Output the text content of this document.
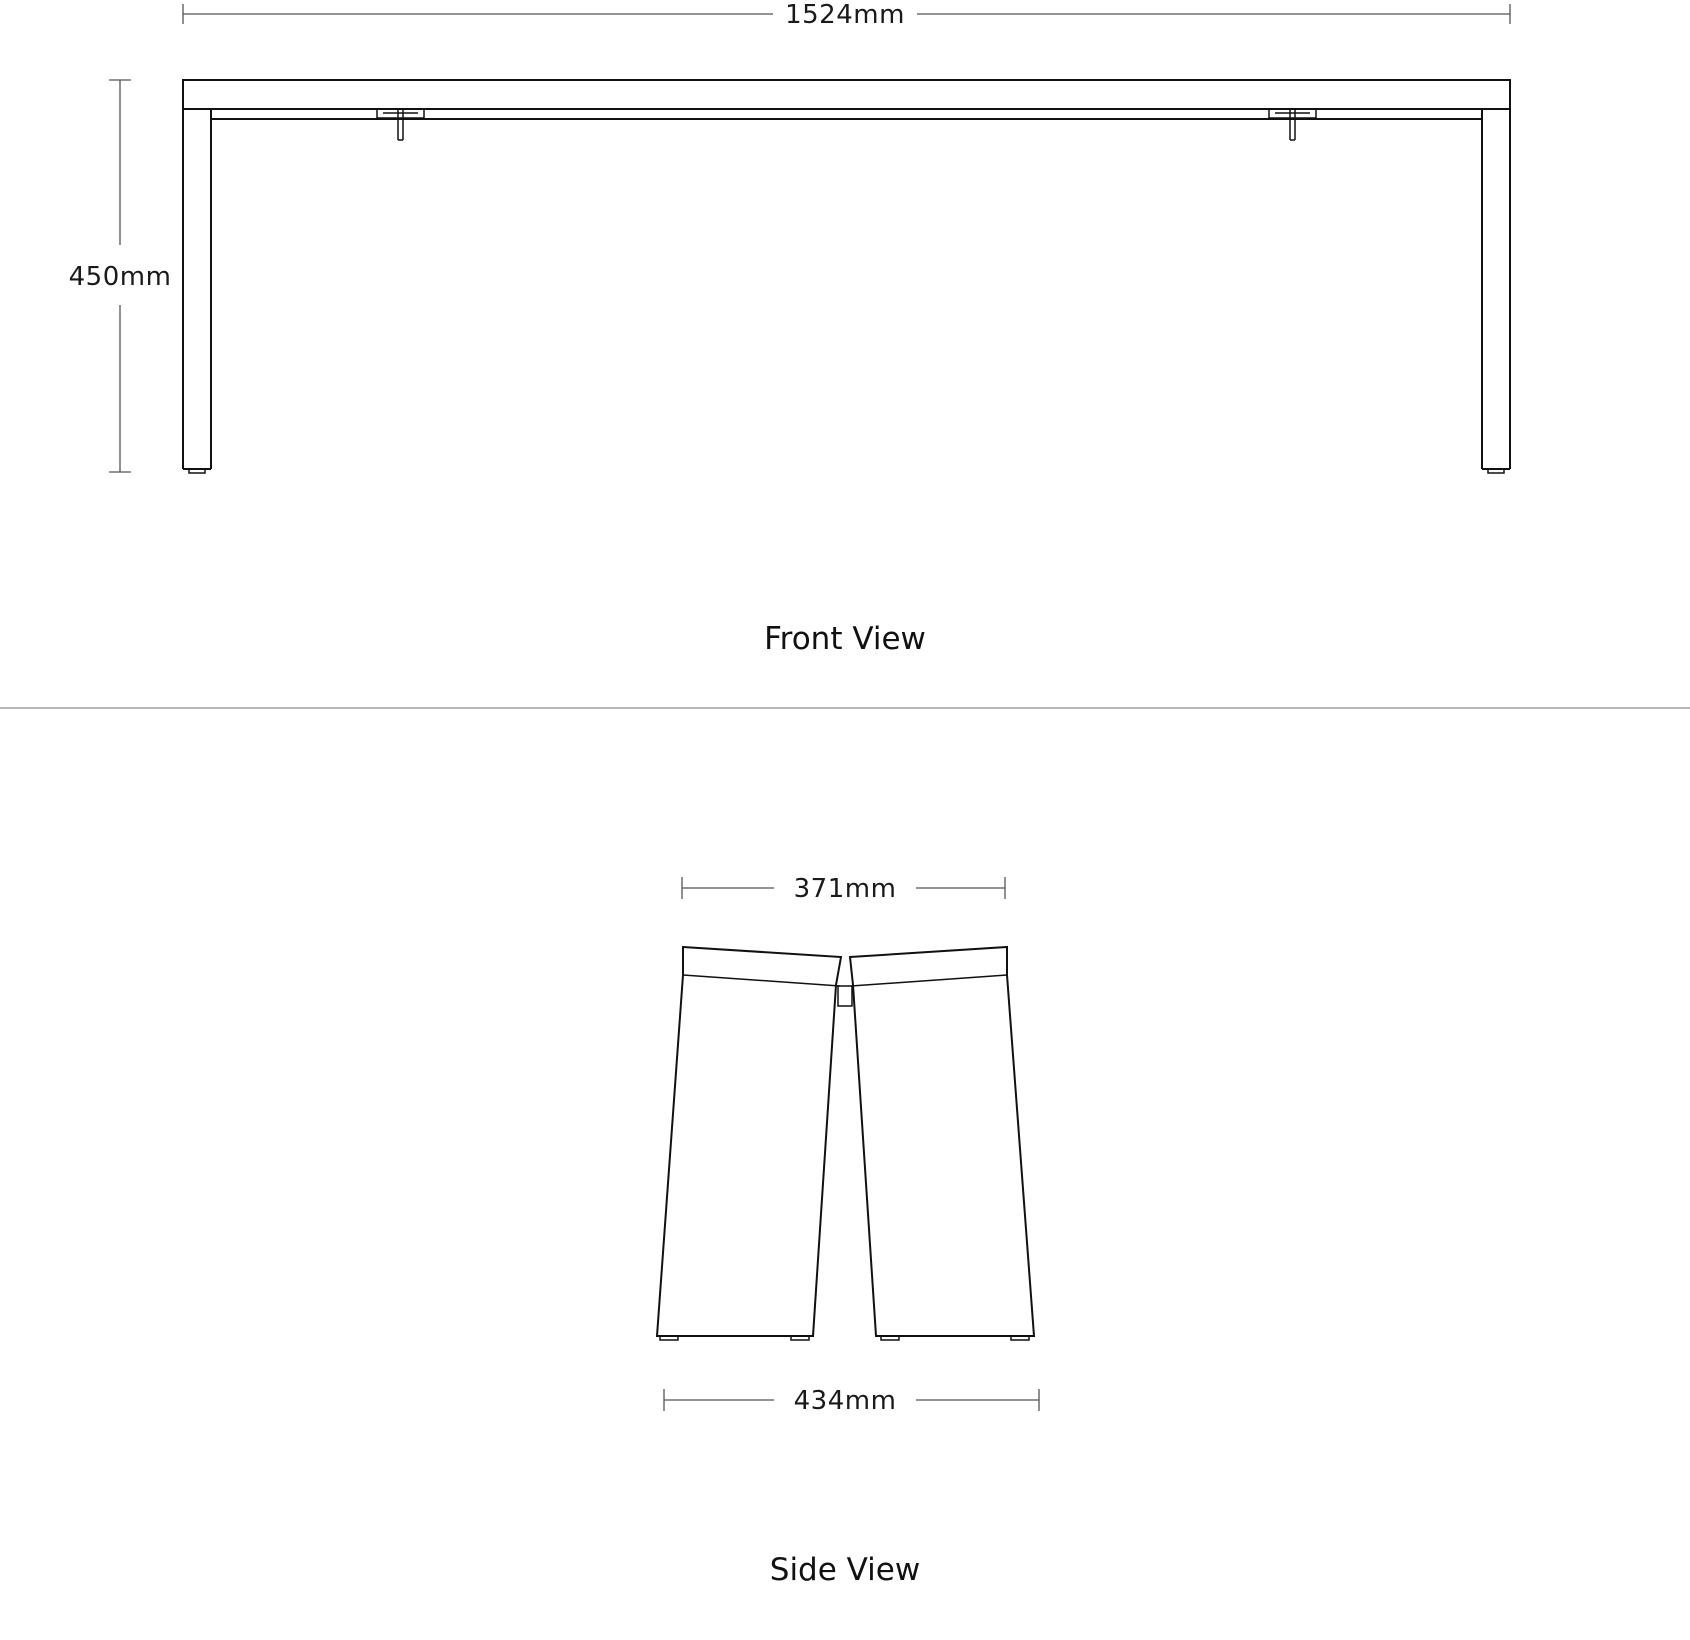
1524mm
450mm
Front View
371mm
434mm
Side View
